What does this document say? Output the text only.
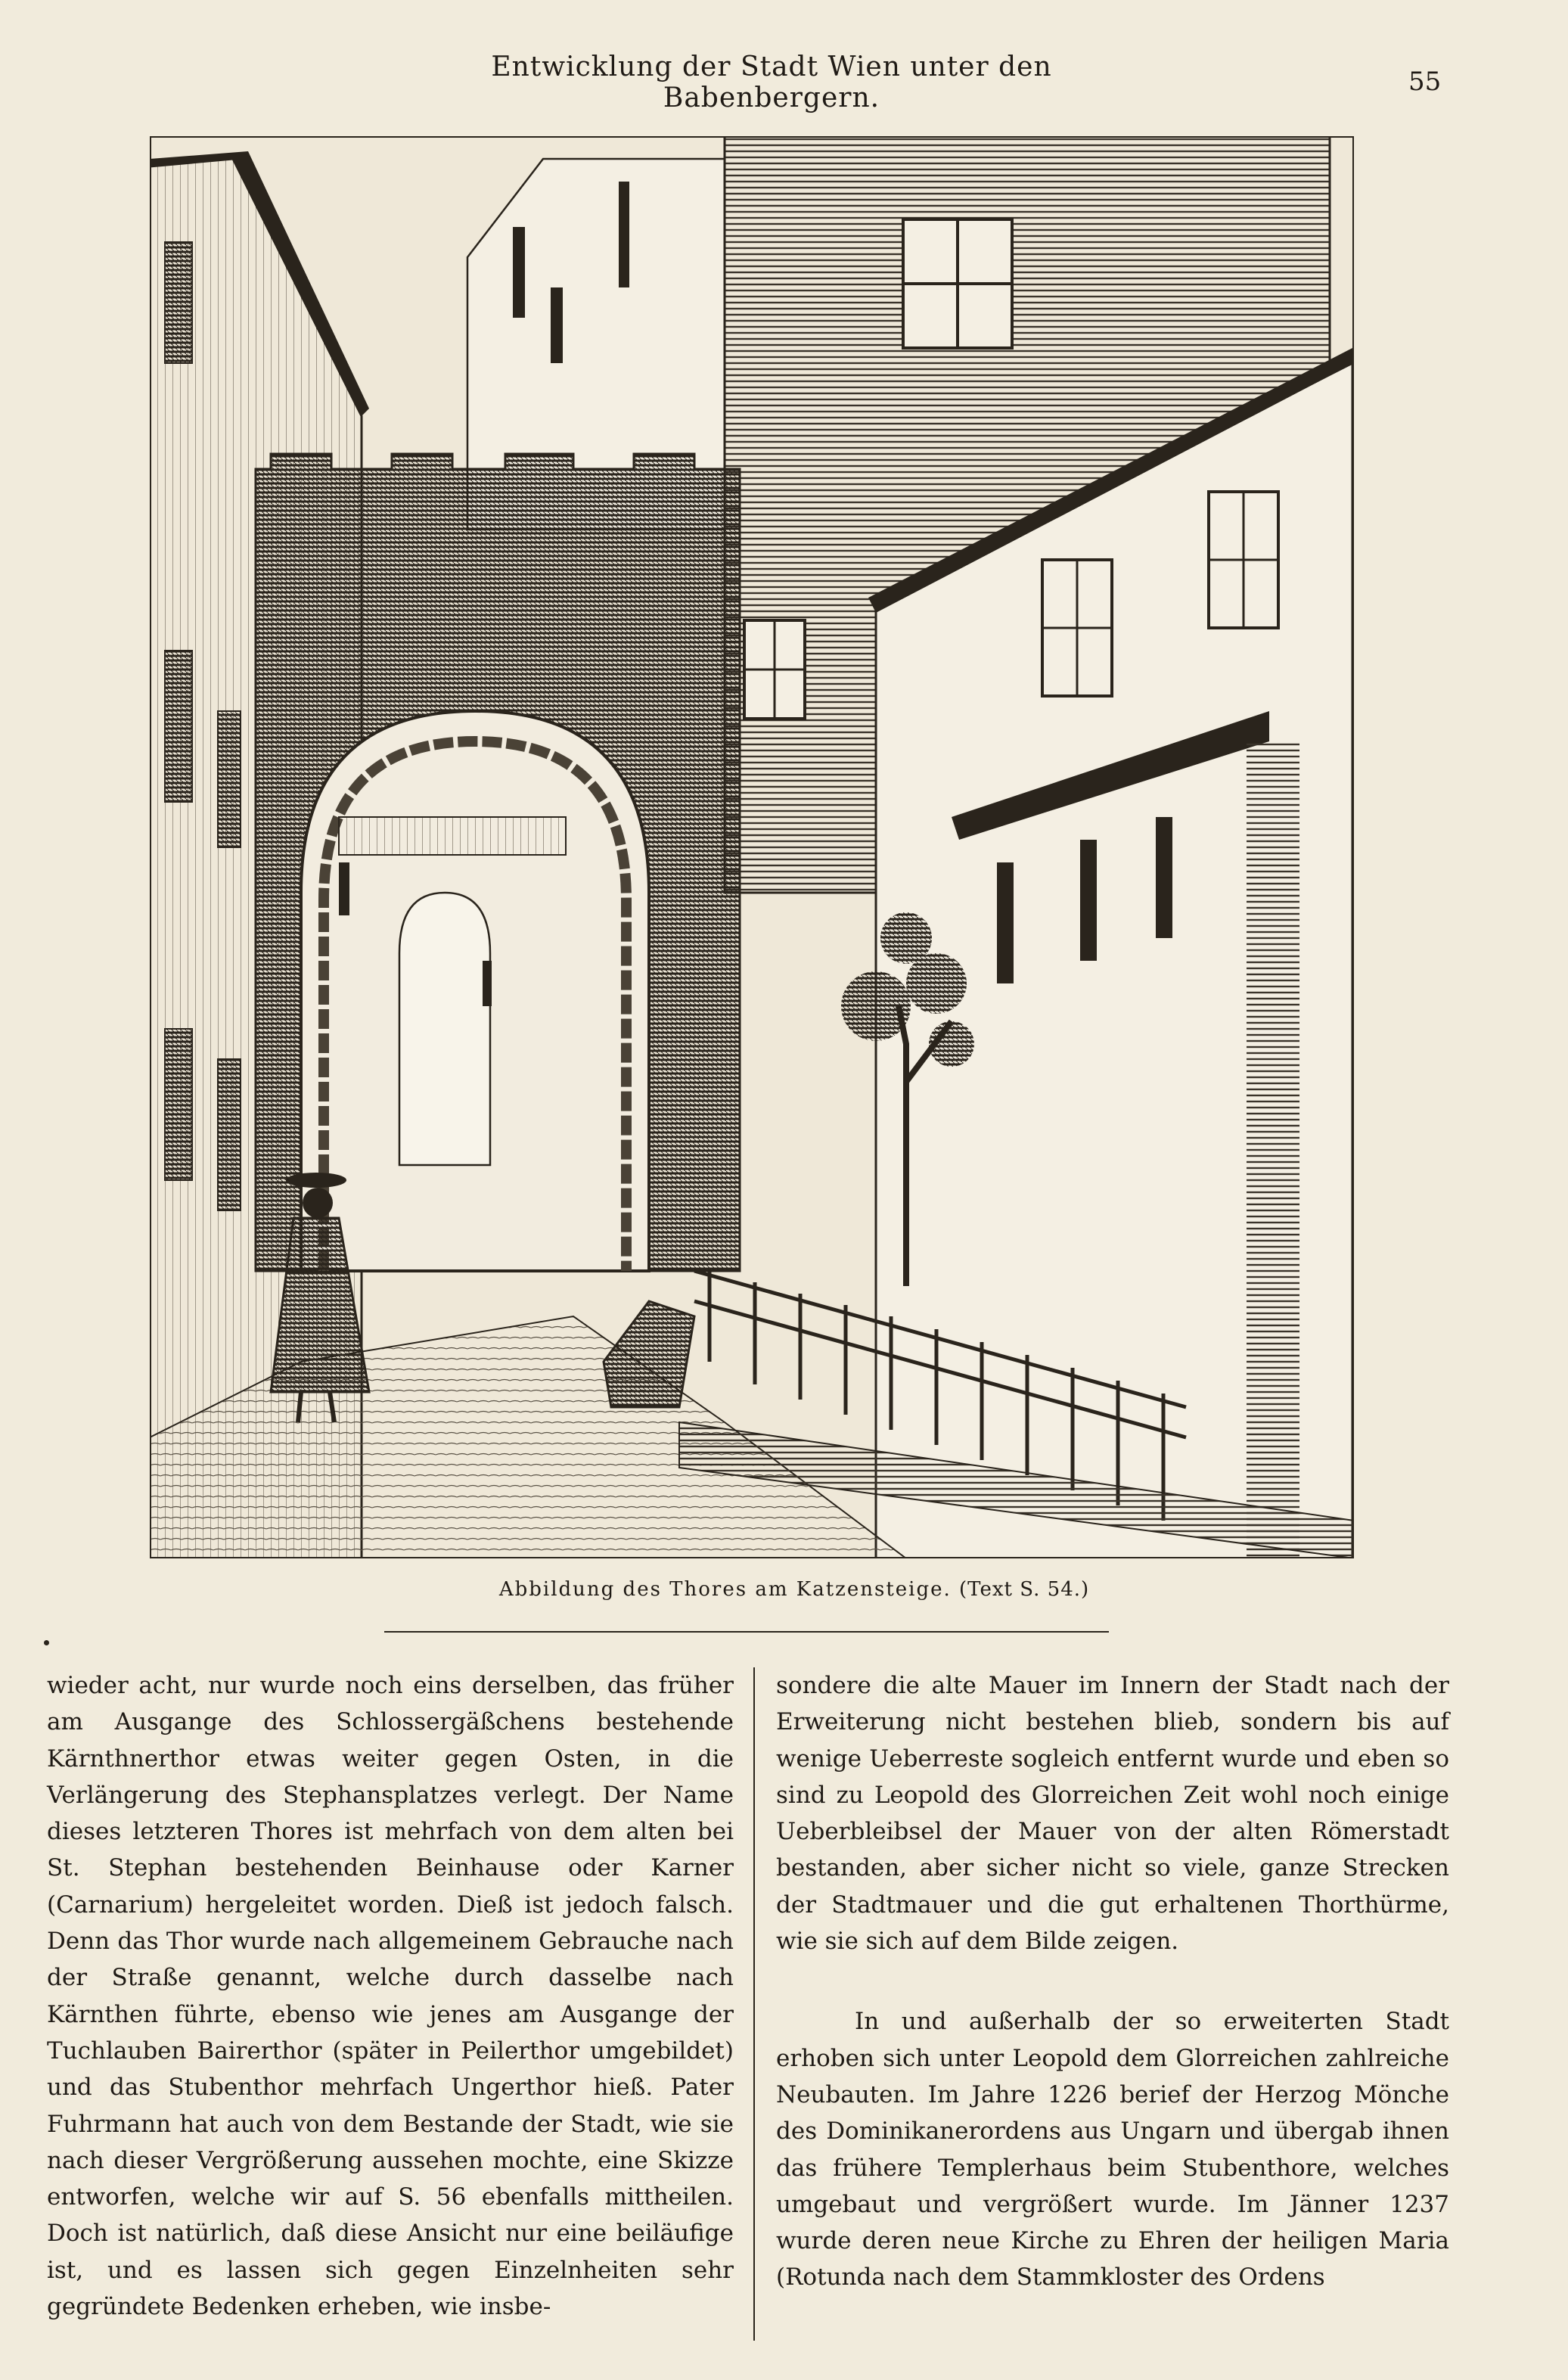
Entwicklung der Stadt Wien unter den Babenbergern.
55
Abbildung des Thores am Katzensteige. (Text S. 54.)

wieder acht, nur wurde noch eins derselben, das früher am Ausgange des Schlossergäßchens bestehende Kärnthnerthor etwas weiter gegen Osten, in die Verlängerung des Stephansplatzes verlegt. Der Name dieses letzteren Thores ist mehrfach von dem alten bei St. Stephan bestehenden Beinhause oder Karner (Carnarium) hergeleitet worden. Dieß ist jedoch falsch. Denn das Thor wurde nach allgemeinem Gebrauche nach der Straße genannt, welche durch dasselbe nach Kärnthen führte, ebenso wie jenes am Ausgange der Tuchlauben Bairerthor (später in Peilerthor umgebildet) und das Stubenthor mehrfach Ungerthor hieß. Pater Fuhrmann hat auch von dem Bestande der Stadt, wie sie nach dieser Vergrößerung aussehen mochte, eine Skizze entworfen, welche wir auf S. 56 ebenfalls mittheilen. Doch ist natürlich, daß diese Ansicht nur eine beiläufige ist, und es lassen sich gegen Einzelnheiten sehr gegründete Bedenken erheben, wie insbe-

sondere die alte Mauer im Innern der Stadt nach der Erweiterung nicht bestehen blieb, sondern bis auf wenige Ueberreste sogleich entfernt wurde und eben so sind zu Leopold des Glorreichen Zeit wohl noch einige Ueberbleibsel der Mauer von der alten Römerstadt bestanden, aber sicher nicht so viele, ganze Strecken der Stadtmauer und die gut erhaltenen Thorthürme, wie sie sich auf dem Bilde zeigen.

In und außerhalb der so erweiterten Stadt erhoben sich unter Leopold dem Glorreichen zahlreiche Neubauten. Im Jahre 1226 berief der Herzog Mönche des Dominikanerordens aus Ungarn und übergab ihnen das frühere Templerhaus beim Stubenthore, welches umgebaut und vergrößert wurde. Im Jänner 1237 wurde deren neue Kirche zu Ehren der heiligen Maria (Rotunda nach dem Stammkloster des Ordens
